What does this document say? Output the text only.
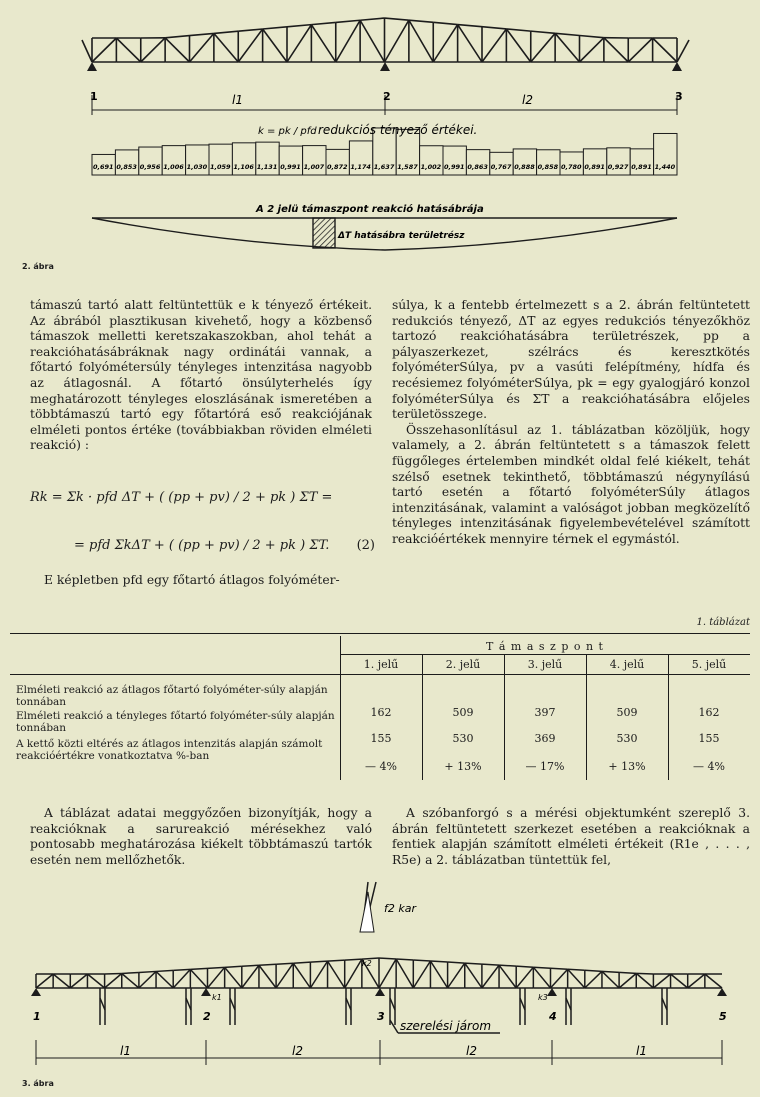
0,691 0,853 0,956 1,006 1,030 1,059 1,106 1,131 0,991 1,007 0,872 1,174 1,637 1,587 1,002 0,991 0,863 0,767 0,888 0,858 0,780 0,891 0,927 0,891 1,440
1	2	3
l1	l2
k = pk / pfd redukciós tényező értékei.
A 2 jelü támaszpont reakció hatásábrája
ΔT hatásábra területrész
2. ábra

támaszú tartó alatt feltüntettük e k tényező értékeit. Az ábrából plasztikusan kivehető, hogy a közbenső támaszok melletti keretszakaszokban, ahol tehát a reakcióhatásábráknak nagy ordinátái vannak, a főtartó folyómétersúly tényleges intenzitása nagyobb az átlagosnál. A főtartó önsúlyterhelés így meghatározott tényleges eloszlásának ismeretében a többtámaszú tartó egy főtartórá eső reakciójának elméleti pontos értéke (továbbiakban röviden elméleti reakció) :

Rk = Σk · pfd ΔT + ( (pp + pv) / 2 + pk ) ΣT =
= pfd ΣkΔT + ( (pp + pv) / 2 + pk ) ΣT. (2)

E képletben pfd egy főtartó átlagos folyóméter-

súlya, k a fentebb értelmezett s a 2. ábrán feltüntetett redukciós tényező, ΔT az egyes redukciós tényezőkhöz tartozó reakcióhatásábra területrészek, pp a pályaszerkezet, szélrács és keresztkötés folyóméterSúlya, pv a vasúti felépítmény, hídfa és recésiemez folyóméterSúlya, pk = egy gyalogjáró konzol folyóméterSúlya és ΣT a reakcióhatásábra előjeles területösszege.

Összehasonlításul az 1. táblázatban közöljük, hogy valamely, a 2. ábrán feltüntetett s a támaszok felett függőleges értelemben mindkét oldal felé kiékelt, tehát szélső esetnek tekinthető, többtámaszú négynyílású tartó esetén a főtartó folyóméterSúly átlagos intenzitásának, valamint a valóságot jobban megközelítő tényleges intenzitásának figyelembevételével számított reakcióértékek mennyire térnek el egymástól.

1. táblázat
T á m a s z p o n t
1. jelű	2. jelű	3. jelű	4. jelű	5. jelű
Elméleti reakció az átlagos főtartó folyóméter-súly alapján tonnában
162	509	397	509	162
Elméleti reakció a tényleges főtartó folyóméter-súly alapján tonnában
155	530	369	530	155
A kettő közti eltérés az átlagos intenzitás alapján számolt reakcióértékre vonatkoztatva %-ban
— 4%	+ 13%	— 17%	+ 13%	— 4%

A táblázat adatai meggyőzően bizonyítják, hogy a reakcióknak a sarureakció mérésekhez való pontosabb meghatározása kiékelt többtámaszú tartók esetén nem mellőzhetők.

A szóbanforgó s a mérési objektumként szereplő 3. ábrán feltüntetett szerkezet esetében a reakcióknak a fentiek alapján számított elméleti értékeit (R1e , . . . , R5e) a 2. táblázatban tüntettük fel,

f2 kar
1	2	3	4	5
k1
k2
k3
szerelési járom
l1	l2	l2	l1
3. ábra
